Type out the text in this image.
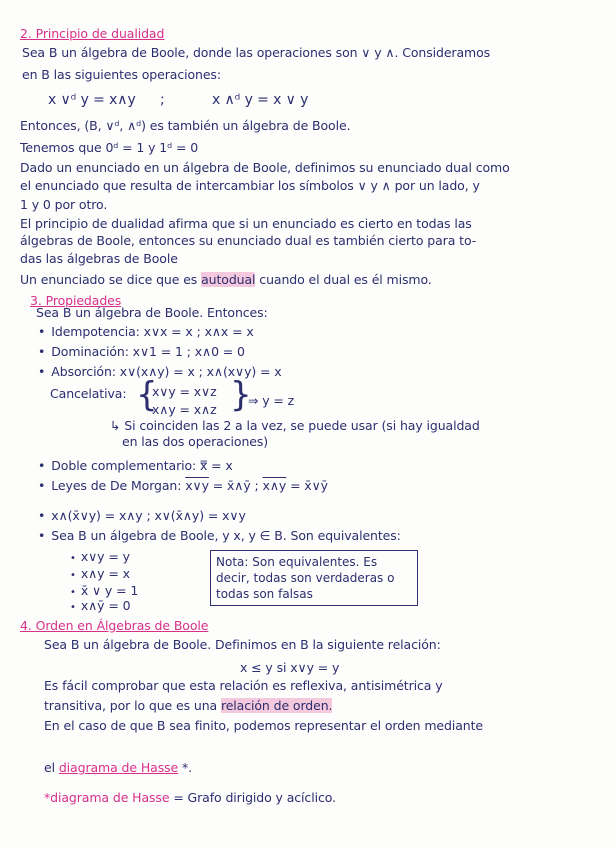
2. Principio de dualidad
Sea B un álgebra de Boole, donde las operaciones son ∨ y ∧. Consideramos
en B las siguientes operaciones:
x ∨ᵈ y = x∧y ;	x ∧ᵈ y = x ∨ y
Entonces, (B, ∨ᵈ, ∧ᵈ) es también un álgebra de Boole.
Tenemos que 0ᵈ = 1 y 1ᵈ = 0
Dado un enunciado en un álgebra de Boole, definimos su enunciado dual como
el enunciado que resulta de intercambiar los símbolos ∨ y ∧ por un lado, y
1 y 0 por otro.
El principio de dualidad afirma que si un enunciado es cierto en todas las
álgebras de Boole, entonces su enunciado dual es también cierto para to-
das las álgebras de Boole
Un enunciado se dice que es autodual cuando el dual es él mismo.
3. Propiedades
Sea B un álgebra de Boole. Entonces:
• Idempotencia: x∨x = x ; x∧x = x
• Dominación: x∨1 = 1 ; x∧0 = 0
• Absorción: x∨(x∧y) = x ; x∧(x∨y) = x
Cancelativa: {
x∨y = x∨z
x∧y = x∧z }
⇒ y = z
↳ Si coinciden las 2 a la vez, se puede usar (si hay igualdad
en las dos operaciones)
• Doble complementario: x̿ = x
• Leyes de De Morgan: x∨y = x̄∧ȳ ; x∧y = x̄∨ȳ
• x∧(x̄∨y) = x∧y ; x∨(x̄∧y) = x∨y
• Sea B un álgebra de Boole, y x, y ∈ B. Son equivalentes:
• x∨y = y
• x∧y = x
• x̄ ∨ y = 1
• x∧ȳ = 0
Nota: Son equivalentes. Es decir, todas son verdaderas o todas son falsas
4. Orden en Álgebras de Boole
Sea B un álgebra de Boole. Definimos en B la siguiente relación:
x ≤ y si x∨y = y
Es fácil comprobar que esta relación es reflexiva, antisimétrica y
transitiva, por lo que es una relación de orden.
En el caso de que B sea finito, podemos representar el orden mediante
el diagrama de Hasse *.
*diagrama de Hasse = Grafo dirigido y acíclico.
